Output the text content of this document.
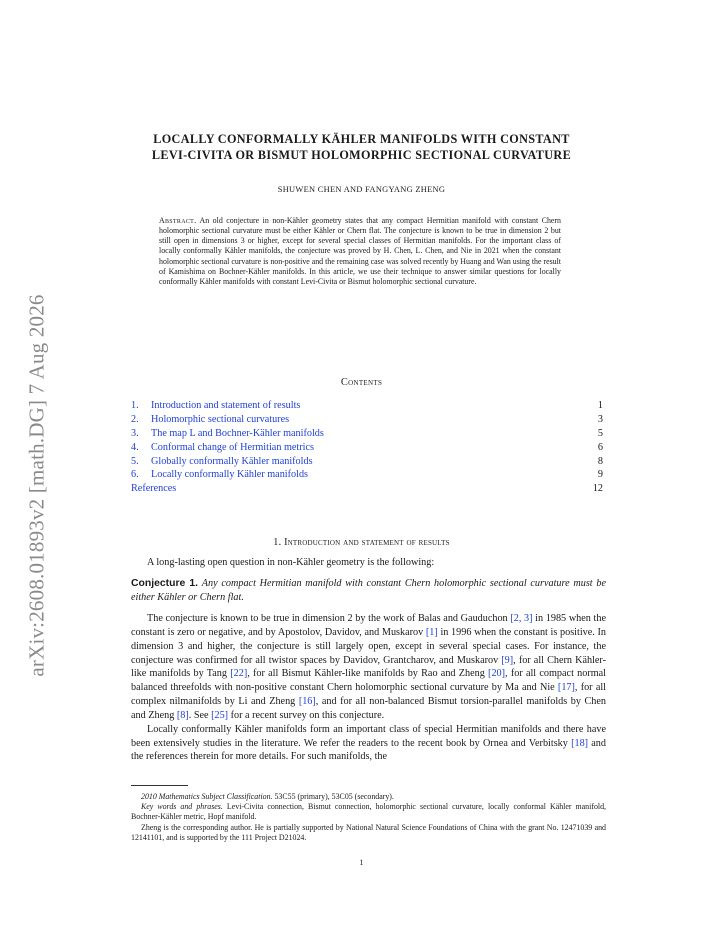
arXiv:2608.01893v2 [math.DG] 7 Aug 2026
LOCALLY CONFORMALLY KÄHLER MANIFOLDS WITH CONSTANT
LEVI-CIVITA OR BISMUT HOLOMORPHIC SECTIONAL CURVATURE
SHUWEN CHEN AND FANGYANG ZHENG
Abstract. An old conjecture in non-Kähler geometry states that any compact Hermitian manifold with constant Chern holomorphic sectional curvature must be either Kähler or Chern flat. The conjecture is known to be true in dimension 2 but still open in dimensions 3 or higher, except for several special classes of Hermitian manifolds. For the important class of locally conformally Kähler manifolds, the conjecture was proved by H. Chen, L. Chen, and Nie in 2021 when the constant holomorphic sectional curvature is non-positive and the remaining case was solved recently by Huang and Wan using the result of Kamishima on Bochner-Kähler manifolds. In this article, we use their technique to answer similar questions for locally conformally Kähler manifolds with constant Levi-Civita or Bismut holomorphic sectional curvature.
Contents
1. Introduction and statement of results	1
2. Holomorphic sectional curvatures	3
3. The map L and Bochner-Kähler manifolds	5
4. Conformal change of Hermitian metrics	6
5. Globally conformally Kähler manifolds	8
6. Locally conformally Kähler manifolds	9
References	12
1. Introduction and statement of results

A long-lasting open question in non-Kähler geometry is the following:

Conjecture 1. Any compact Hermitian manifold with constant Chern holomorphic sectional curvature must be either Kähler or Chern flat.

The conjecture is known to be true in dimension 2 by the work of Balas and Gauduchon [2, 3] in 1985 when the constant is zero or negative, and by Apostolov, Davidov, and Muskarov [1] in 1996 when the constant is positive. In dimension 3 and higher, the conjecture is still largely open, except in several special cases. For instance, the conjecture was confirmed for all twistor spaces by Davidov, Grantcharov, and Muskarov [9], for all Chern Kähler-like manifolds by Tang [22], for all Bismut Kähler-like manifolds by Rao and Zheng [20], for all compact normal balanced threefolds with non-positive constant Chern holomorphic sectional curvature by Ma and Nie [17], for all complex nilmanifolds by Li and Zheng [16], and for all non-balanced Bismut torsion-parallel manifolds by Chen and Zheng [8]. See [25] for a recent survey on this conjecture.

Locally conformally Kähler manifolds form an important class of special Hermitian manifolds and there have been extensively studies in the literature. We refer the readers to the recent book by Ornea and Verbitsky [18] and the references therein for more details. For such manifolds, the

2010 Mathematics Subject Classification. 53C55 (primary), 53C05 (secondary).

Key words and phrases. Levi-Civita connection, Bismut connection, holomorphic sectional curvature, locally conformal Kähler manifold, Bochner-Kähler metric, Hopf manifold.

Zheng is the corresponding author. He is partially supported by National Natural Science Foundations of China with the grant No. 12471039 and 12141101, and is supported by the 111 Project D21024.

1
